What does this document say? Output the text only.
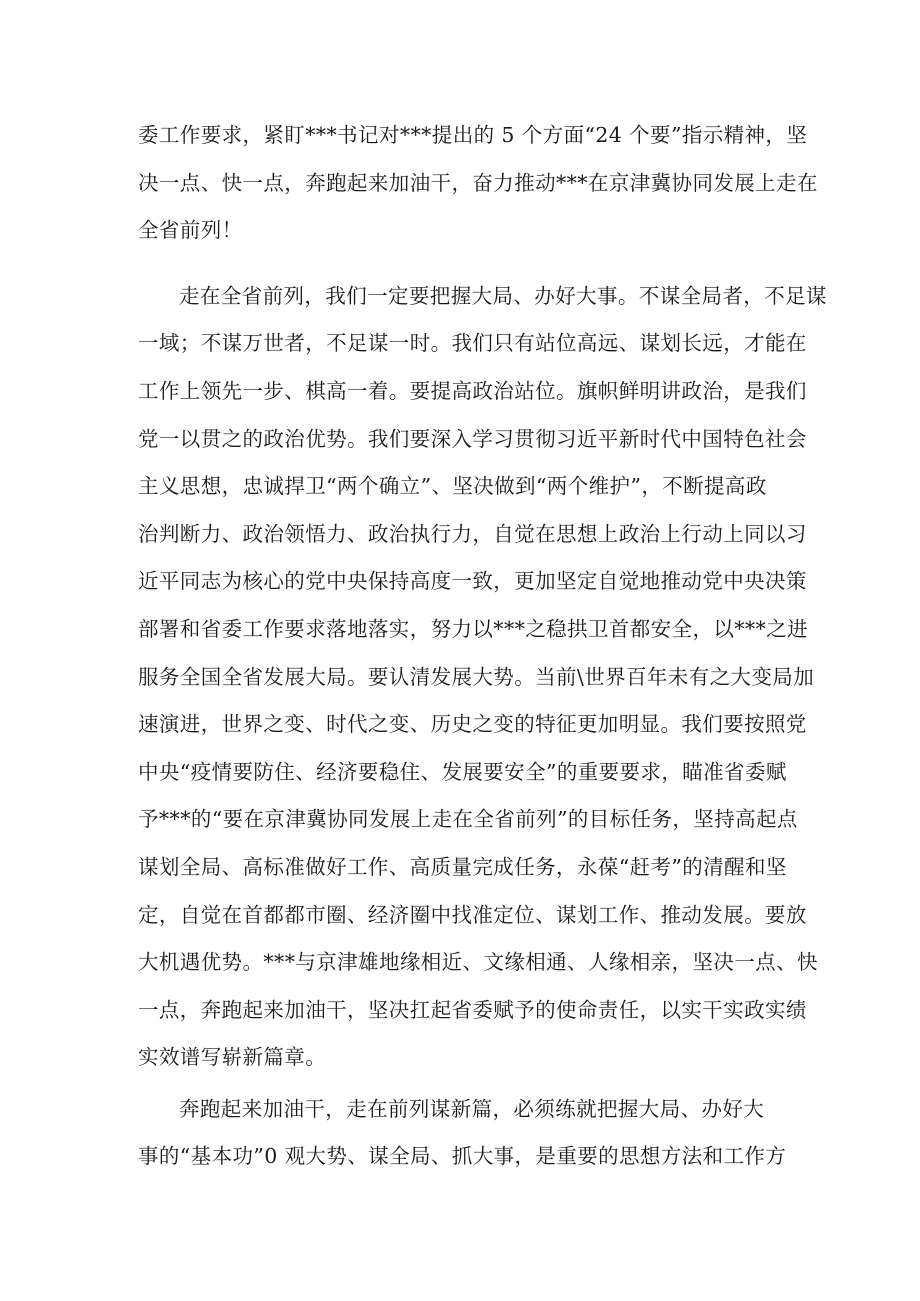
委工作要求，紧盯***书记对***提出的 5 个方面“24 个要”指示精神，坚
决一点、快一点，奔跑起来加油干，奋力推动***在京津冀协同发展上走在
全省前列！

走在全省前列，我们一定要把握大局、办好大事。不谋全局者，不足谋
一域；不谋万世者，不足谋一时。我们只有站位高远、谋划长远，才能在
工作上领先一步、棋高一着。要提高政治站位。旗帜鲜明讲政治，是我们
党一以贯之的政治优势。我们要深入学习贯彻习近平新时代中国特色社会
主义思想，忠诚捍卫“两个确立”、坚决做到“两个维护”，不断提高政
治判断力、政治领悟力、政治执行力，自觉在思想上政治上行动上同以习
近平同志为核心的党中央保持高度一致，更加坚定自觉地推动党中央决策
部署和省委工作要求落地落实，努力以***之稳拱卫首都安全，以***之进
服务全国全省发展大局。要认清发展大势。当前\世界百年未有之大变局加
速演进，世界之变、时代之变、历史之变的特征更加明显。我们要按照党
中央“疫情要防住、经济要稳住、发展要安全”的重要要求，瞄准省委赋
予***的“要在京津冀协同发展上走在全省前列”的目标任务，坚持高起点
谋划全局、高标准做好工作、高质量完成任务，永葆“赶考”的清醒和坚
定，自觉在首都都市圈、经济圈中找准定位、谋划工作、推动发展。要放
大机遇优势。***与京津雄地缘相近、文缘相通、人缘相亲，坚决一点、快
一点，奔跑起来加油干，坚决扛起省委赋予的使命责任，以实干实政实绩
实效谱写崭新篇章。

奔跑起来加油干，走在前列谋新篇，必须练就把握大局、办好大
事的“基本功”0 观大势、谋全局、抓大事，是重要的思想方法和工作方
